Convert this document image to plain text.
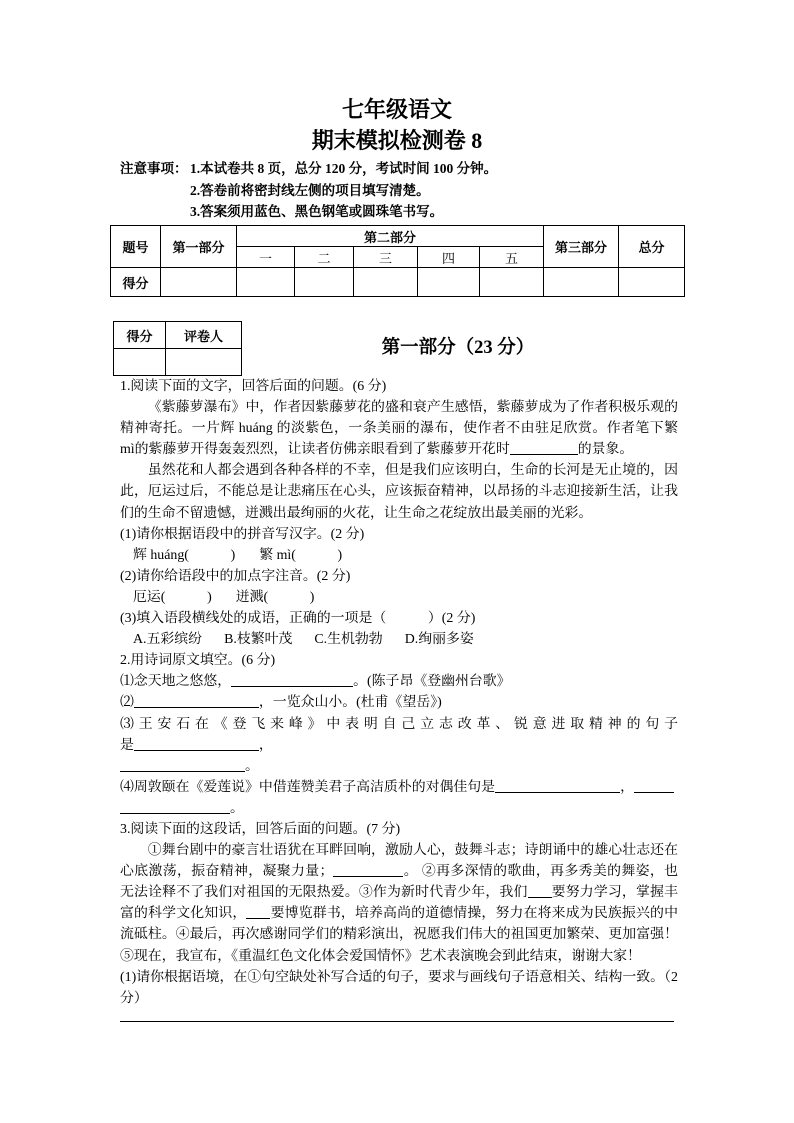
七年级语文
期末模拟检测卷 8
注意事项： 1.本试卷共 8 页，总分 120 分，考试时间 100 分钟。
2.答卷前将密封线左侧的项目填写清楚。
3.答案须用蓝色、黑色钢笔或圆珠笔书写。
题号	第一部分	第二部分					第三部分	总分
		一	二	三	四	五		
得分								
得分	评卷人

第一部分（23 分）
1.阅读下面的文字，回答后面的问题。(6 分)

《紫藤萝瀑布》中，作者因紫藤萝花的盛和衰产生感悟，紫藤萝成为了作者积极乐观的精神寄托。一片辉 huáng 的淡紫色，一条美丽的瀑布，使作者不由驻足欣赏。作者笔下繁 mì的紫藤萝开得轰轰烈烈，让读者仿佛亲眼看到了紫藤萝开花时	的景象。

虽然花和人都会遇到各种各样的不幸，但是我们应该明白，生命的长河是无止境的，因此，厄运过后，不能总是让悲痛压在心头，应该振奋精神，以昂扬的斗志迎接新生活，让我们的生命不留遗憾，迸溅出最绚丽的火花，让生命之花绽放出最美丽的光彩。

(1)请你根据语段中的拼音写汉字。(2 分)
辉 huáng(　　　) 繁 mì(　　　)
(2)请你给语段中的加点字注音。(2 分)
厄运(　　　) 迸溅(　　　)
(3)填入语段横线处的成语，正确的一项是（　　　）(2 分)
A.五彩缤纷 B.枝繁叶茂 C.生机勃勃 D.绚丽多姿
2.用诗词原文填空。(6 分)
⑴念天地之悠悠，	。(陈子昂《登幽州台歌》
⑵	，一览众山小。(杜甫《望岳》)
⑶王安石在《登飞来峰》中表明自己立志改革、锐意进取精神的句子
是	，
。
⑷周敦颐在《爱莲说》中借莲赞美君子高洁质朴的对偶佳句是	，
。
3.阅读下面的这段话，回答后面的问题。(7 分)

①舞台剧中的豪言壮语犹在耳畔回响，激励人心，鼓舞斗志；诗朗诵中的雄心壮志还在心底激荡，振奋精神，凝聚力量；	。 ②再多深情的歌曲，再多秀美的舞姿，也无法诠释不了我们对祖国的无限热爱。③作为新时代青少年，我们 要努力学习，掌握丰富的科学文化知识， 要博览群书，培养高尚的道德情操，努力在将来成为民族振兴的中流砥柱。④最后，再次感谢同学们的精彩演出，祝愿我们伟大的祖国更加繁荣、更加富强！⑤现在，我宣布，《重温红色文化体会爱国情怀》艺术表演晚会到此结束，谢谢大家！

(1)请你根据语境，在①句空缺处补写合适的句子，要求与画线句子语意相关、结构一致。（2 分）
